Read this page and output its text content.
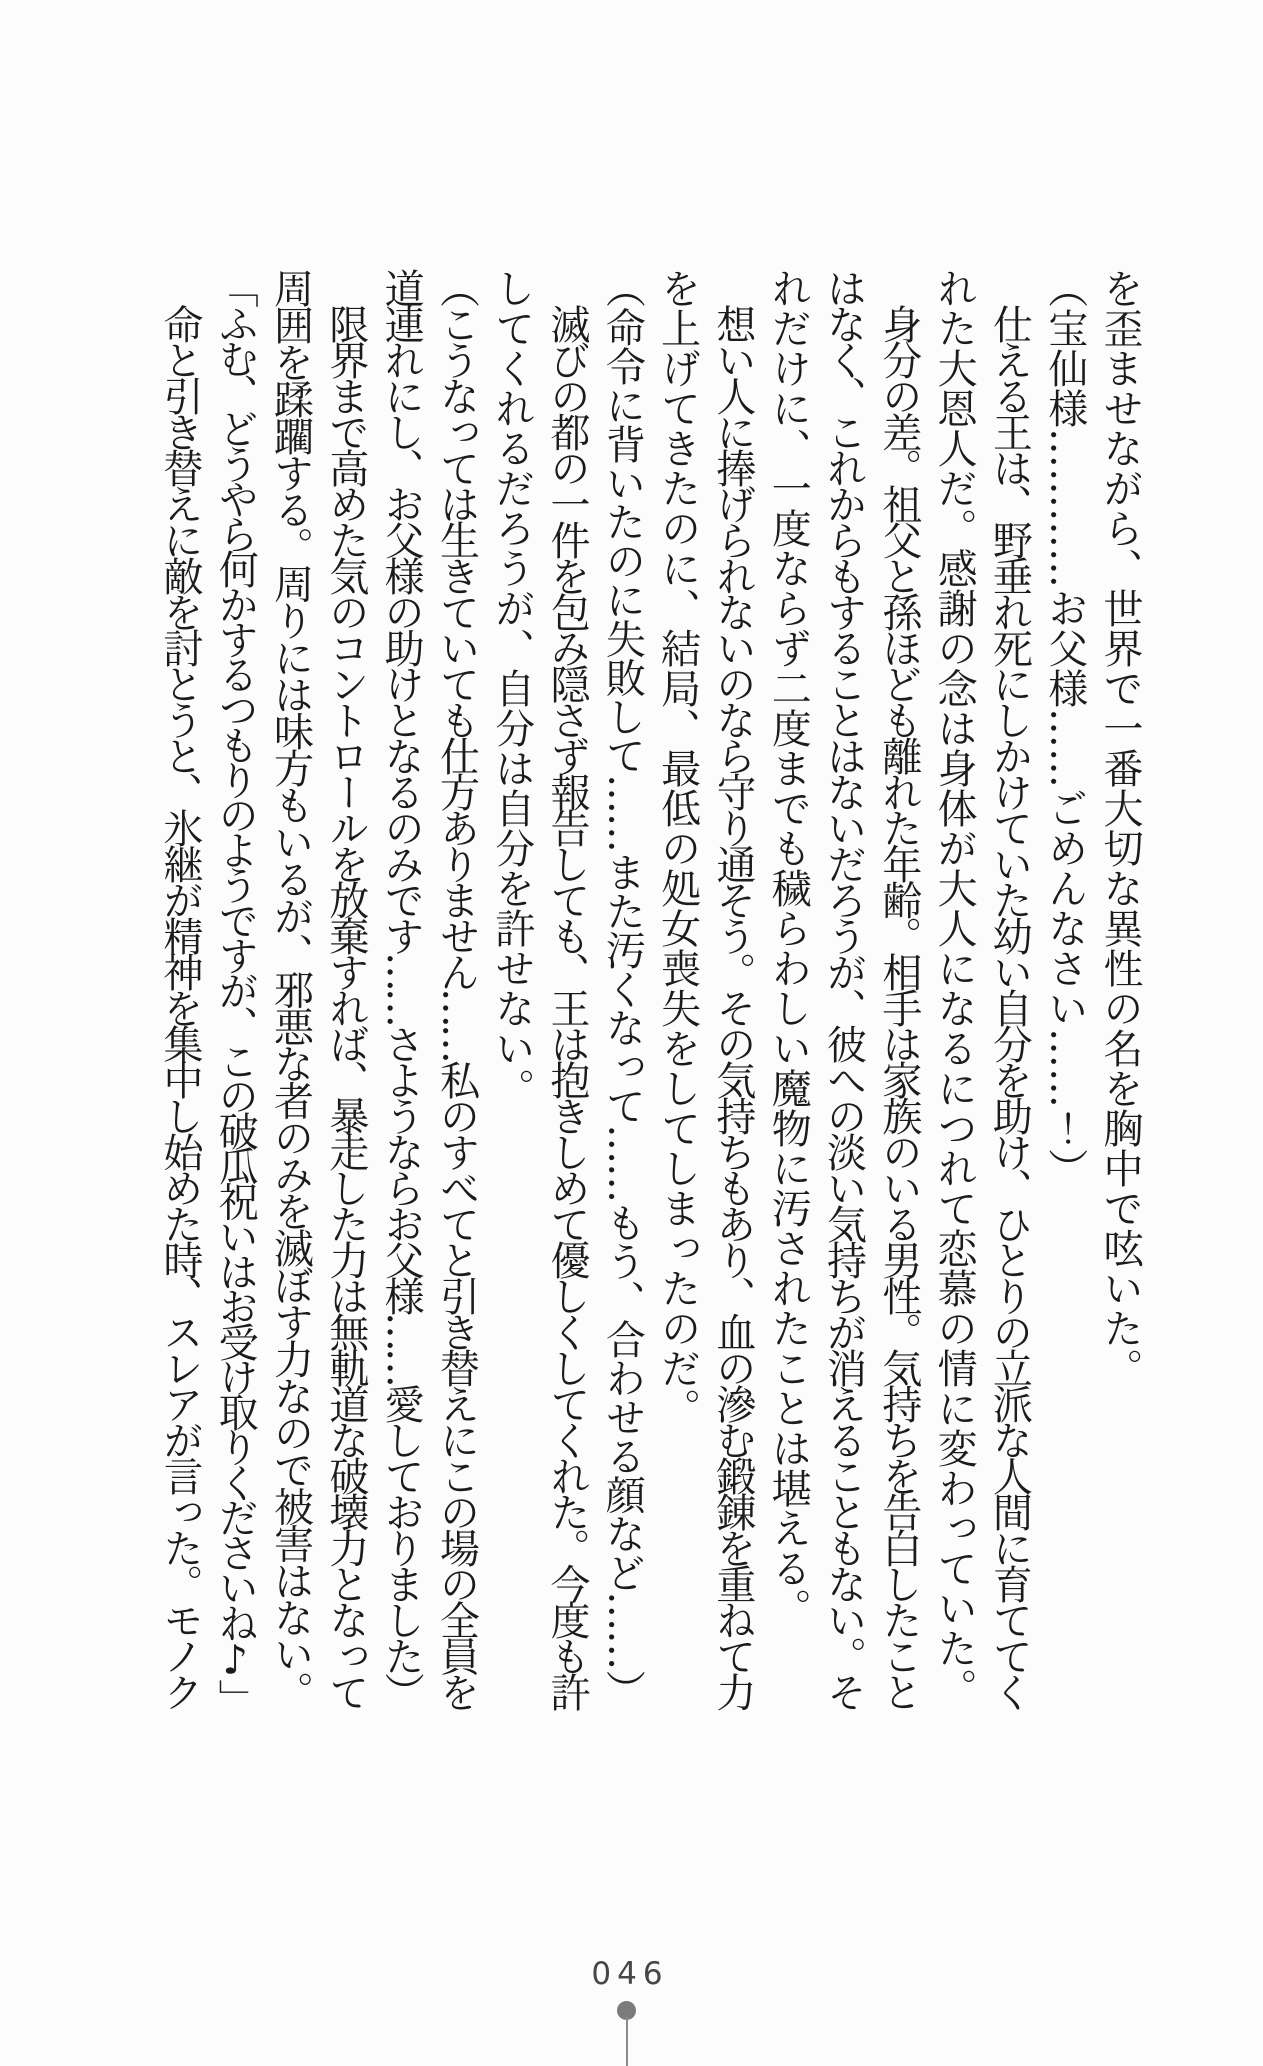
を歪ませながら、世界で一番大切な異性の名を胸中で呟いた。
（宝仙様…………お父様……ごめんなさい……！）
　仕える王は、野垂れ死にしかけていた幼い自分を助け、ひとりの立派な人間に育ててく
れた大恩人だ。感謝の念は身体が大人になるにつれて恋慕の情に変わっていた。
　身分の差。祖父と孫ほども離れた年齢。相手は家族のいる男性。気持ちを告白したこと
はなく、これからもすることはないだろうが、彼への淡い気持ちが消えることもない。そ
れだけに、一度ならず二度までも穢らわしい魔物に汚されたことは堪える。
　想い人に捧げられないのなら守り通そう。その気持ちもあり、血の滲む鍛錬を重ねて力
を上げてきたのに、結局、最低の処女喪失をしてしまったのだ。
（命令に背いたのに失敗して……また汚くなって……もう、合わせる顔など……）
　滅びの都の一件を包み隠さず報告しても、王は抱きしめて優しくしてくれた。今度も許
してくれるだろうが、自分は自分を許せない。
（こうなっては生きていても仕方ありません……私のすべてと引き替えにこの場の全員を
道連れにし、お父様の助けとなるのみです……さようならお父様……愛しておりました）
　限界まで高めた気のコントロールを放棄すれば、暴走した力は無軌道な破壊力となって
周囲を蹂躙する。周りには味方もいるが、邪悪な者のみを滅ぼす力なので被害はない。
「ふむ、どうやら何かするつもりのようですが、この破瓜祝いはお受け取りくださいね♪」
　命と引き替えに敵を討とうと、氷継が精神を集中し始めた時、スレアが言った。モノク
046
